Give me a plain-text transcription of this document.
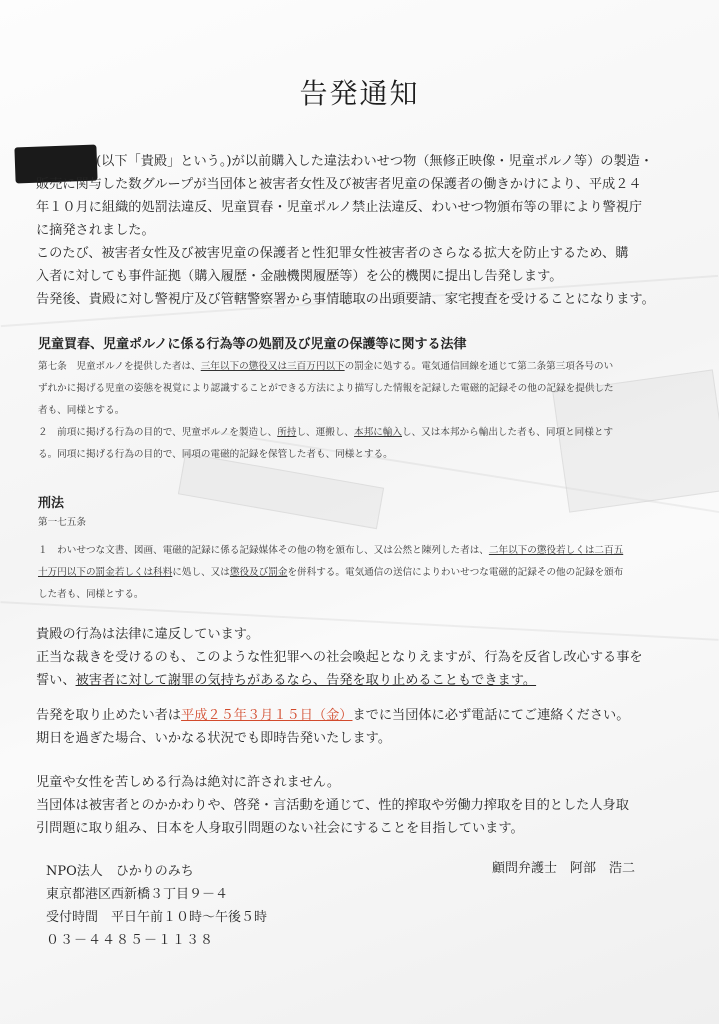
告発通知
(以下「貴殿」という。)が以前購入した違法わいせつ物（無修正映像・児童ポルノ等）の製造・
販売に関与した数グループが当団体と被害者女性及び被害者児童の保護者の働きかけにより、平成２４
年１０月に組織的処罰法違反、児童買春・児童ポルノ禁止法違反、わいせつ物頒布等の罪により警視庁
に摘発されました。
このたび、被害者女性及び被害児童の保護者と性犯罪女性被害者のさらなる拡大を防止するため、購
入者に対しても事件証拠（購入履歴・金融機関履歴等）を公的機関に提出し告発します。
告発後、貴殿に対し警視庁及び管轄警察署から事情聴取の出頭要請、家宅捜査を受けることになります。
児童買春、児童ポルノに係る行為等の処罰及び児童の保護等に関する法律
第七条　児童ポルノを提供した者は、三年以下の懲役又は三百万円以下の罰金に処する。電気通信回線を通じて第二条第三項各号のい
ずれかに掲げる児童の姿態を視覚により認識することができる方法により描写した情報を記録した電磁的記録その他の記録を提供した
者も、同様とする。
２　前項に掲げる行為の目的で、児童ポルノを製造し、所持し、運搬し、本邦に輸入し、又は本邦から輸出した者も、同項と同様とす
る。同項に掲げる行為の目的で、同項の電磁的記録を保管した者も、同様とする。
刑法
第一七五条
１　わいせつな文書、図画、電磁的記録に係る記録媒体その他の物を頒布し、又は公然と陳列した者は、二年以下の懲役若しくは二百五
十万円以下の罰金若しくは科料に処し、又は懲役及び罰金を併科する。電気通信の送信によりわいせつな電磁的記録その他の記録を頒布
した者も、同様とする。
貴殿の行為は法律に違反しています。
正当な裁きを受けるのも、このような性犯罪への社会喚起となりえますが、行為を反省し改心する事を
誓い、被害者に対して謝罪の気持ちがあるなら、告発を取り止めることもできます。
告発を取り止めたい者は平成２５年３月１５日（金）までに当団体に必ず電話にてご連絡ください。
期日を過ぎた場合、いかなる状況でも即時告発いたします。
児童や女性を苦しめる行為は絶対に許されません。
当団体は被害者とのかかわりや、啓発・言活動を通じて、性的搾取や労働力搾取を目的とした人身取
引問題に取り組み、日本を人身取引問題のない社会にすることを目指しています。
NPO法人　ひかりのみち
東京都港区西新橋３丁目９－４
受付時間　平日午前１０時～午後５時
０３－４４８５－１１３８
顧問弁護士　阿部　浩二
